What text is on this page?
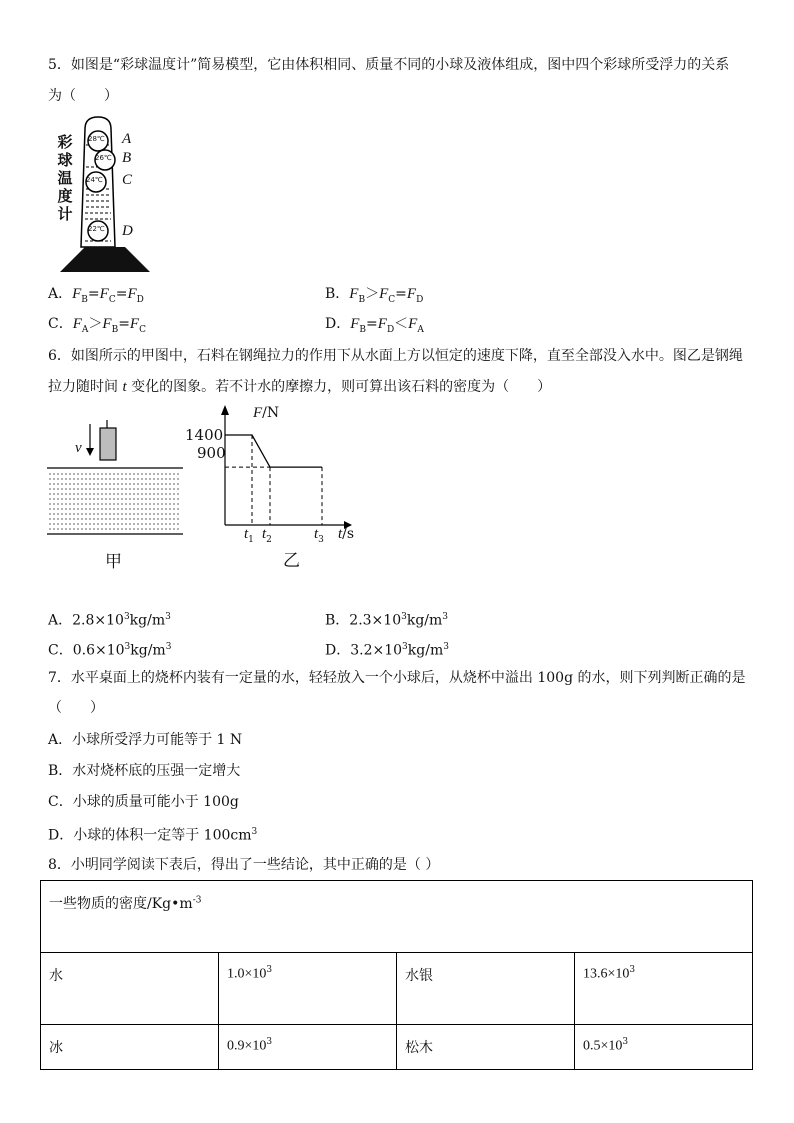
5．如图是“彩球温度计”简易模型，它由体积相同、质量不同的小球及液体组成，图中四个彩球所受浮力的关系
为（　　）
彩
球
温
度
计
28℃
26℃
24℃
22℃
A
B
C
D
A．$F_B=F_C=F_D$	B．$F_B>F_C=F_D$
C．$F_A>F_B=F_C$	D．$F_B=F_D<F_A$
6．如图所示的甲图中，石料在钢绳拉力的作用下从水面上方以恒定的速度下降，直至全部没入水中。图乙是钢绳
拉力随时间 t 变化的图象。若不计水的摩擦力，则可算出该石料的密度为（　　）
v
甲
F/N
1400
900
$t_1$ $t_2$	$t_3$ t/s
乙
A．$2.8\times 10^3kg/m^3$	B．$2.3\times 10^3kg/m^3$
C．$0.6\times 10^3kg/m^3$	D．$3.2\times 10^3kg/m^3$
7．水平桌面上的烧杯内装有一定量的水，轻轻放入一个小球后，从烧杯中溢出 100g 的水，则下列判断正确的是
（　　）
A．小球所受浮力可能等于 1 N
B．水对烧杯底的压强一定增大
C．小球的质量可能小于 100g
D．小球的体积一定等于 $100cm^3$
8．小明同学阅读下表后，得出了一些结论，其中正确的是（ ）
一些物质的密度$/Kg•m^{-3}$
水	$1.0\times 10^3$	水银	$13.6\times 10^3$
冰	$0.9\times 10^3$	松木	$0.5\times 10^3$
